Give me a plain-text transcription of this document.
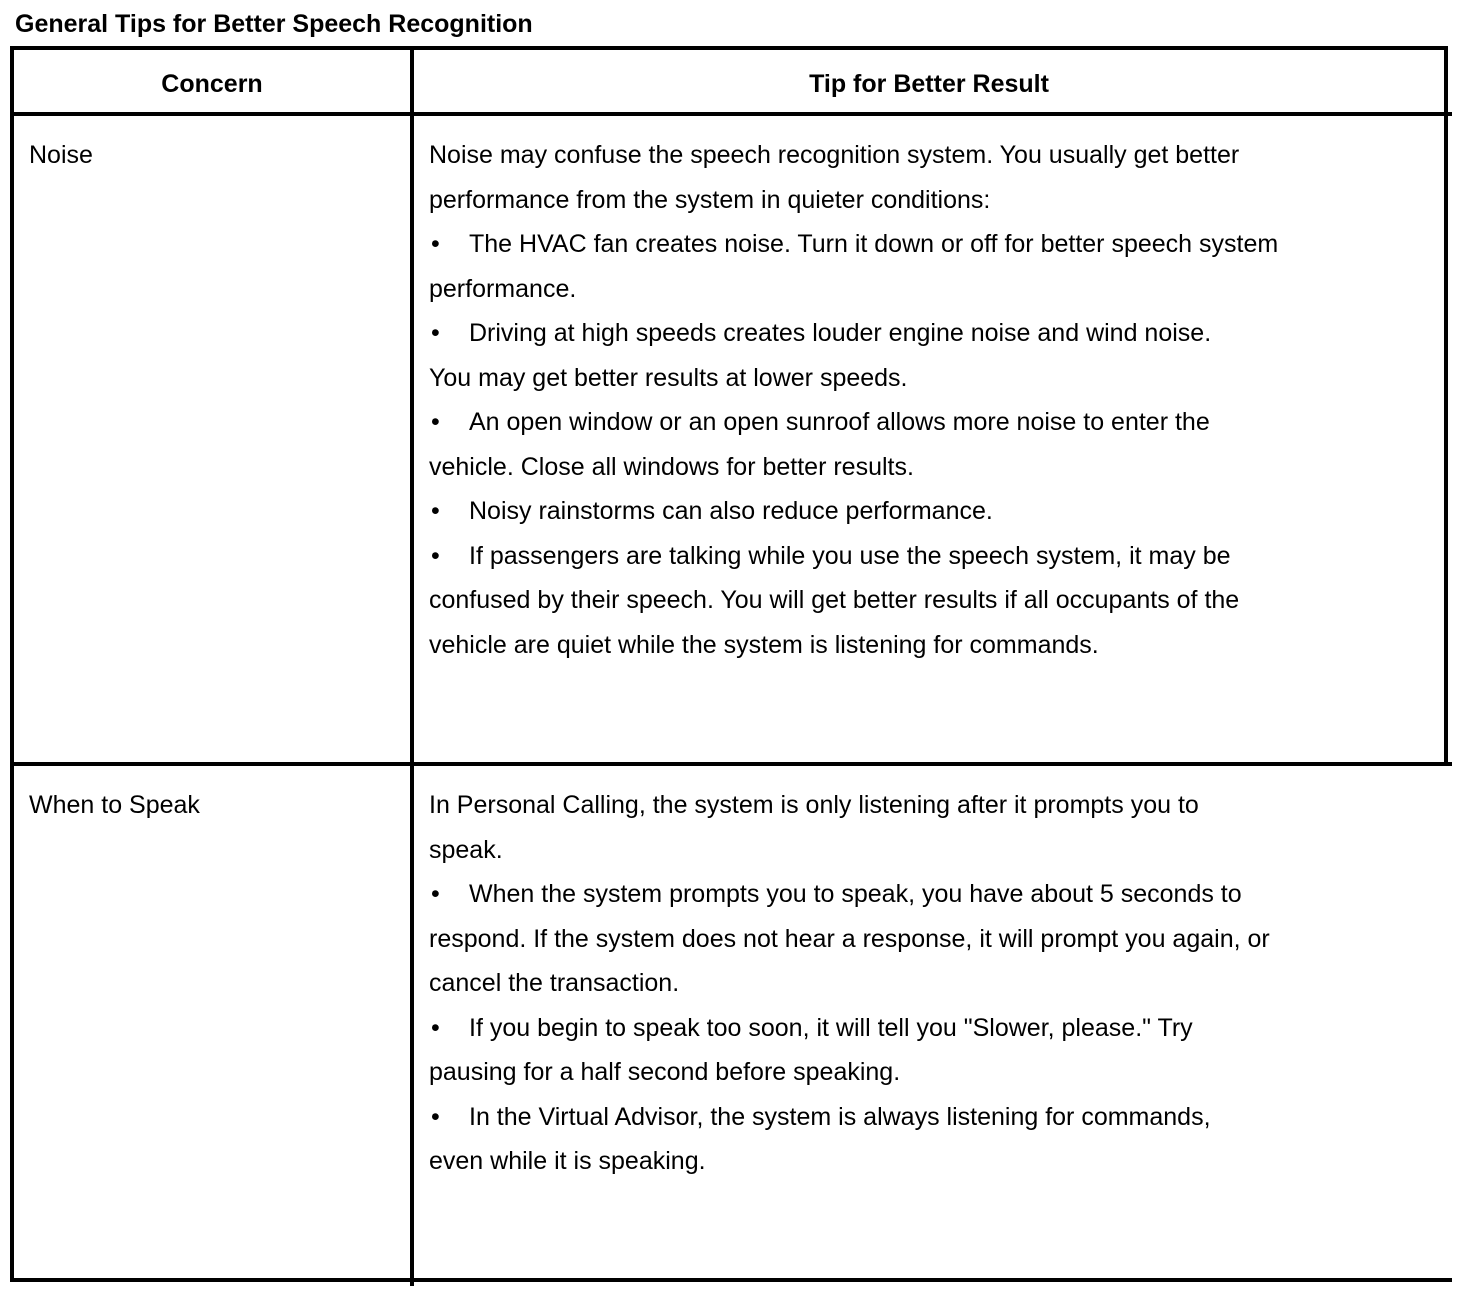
General Tips for Better Speech Recognition
Concern	Tip for Better Result
Noise	Noise may confuse the speech recognition system. You usually get better
performance from the system in quieter conditions:
• The HVAC fan creates noise. Turn it down or off for better speech system
performance.
• Driving at high speeds creates louder engine noise and wind noise.
You may get better results at lower speeds.
• An open window or an open sunroof allows more noise to enter the
vehicle. Close all windows for better results.
• Noisy rainstorms can also reduce performance.
• If passengers are talking while you use the speech system, it may be
confused by their speech. You will get better results if all occupants of the
vehicle are quiet while the system is listening for commands.
When to Speak	In Personal Calling, the system is only listening after it prompts you to
speak.
• When the system prompts you to speak, you have about 5 seconds to
respond. If the system does not hear a response, it will prompt you again, or
cancel the transaction.
• If you begin to speak too soon, it will tell you "Slower, please." Try
pausing for a half second before speaking.
• In the Virtual Advisor, the system is always listening for commands,
even while it is speaking.
